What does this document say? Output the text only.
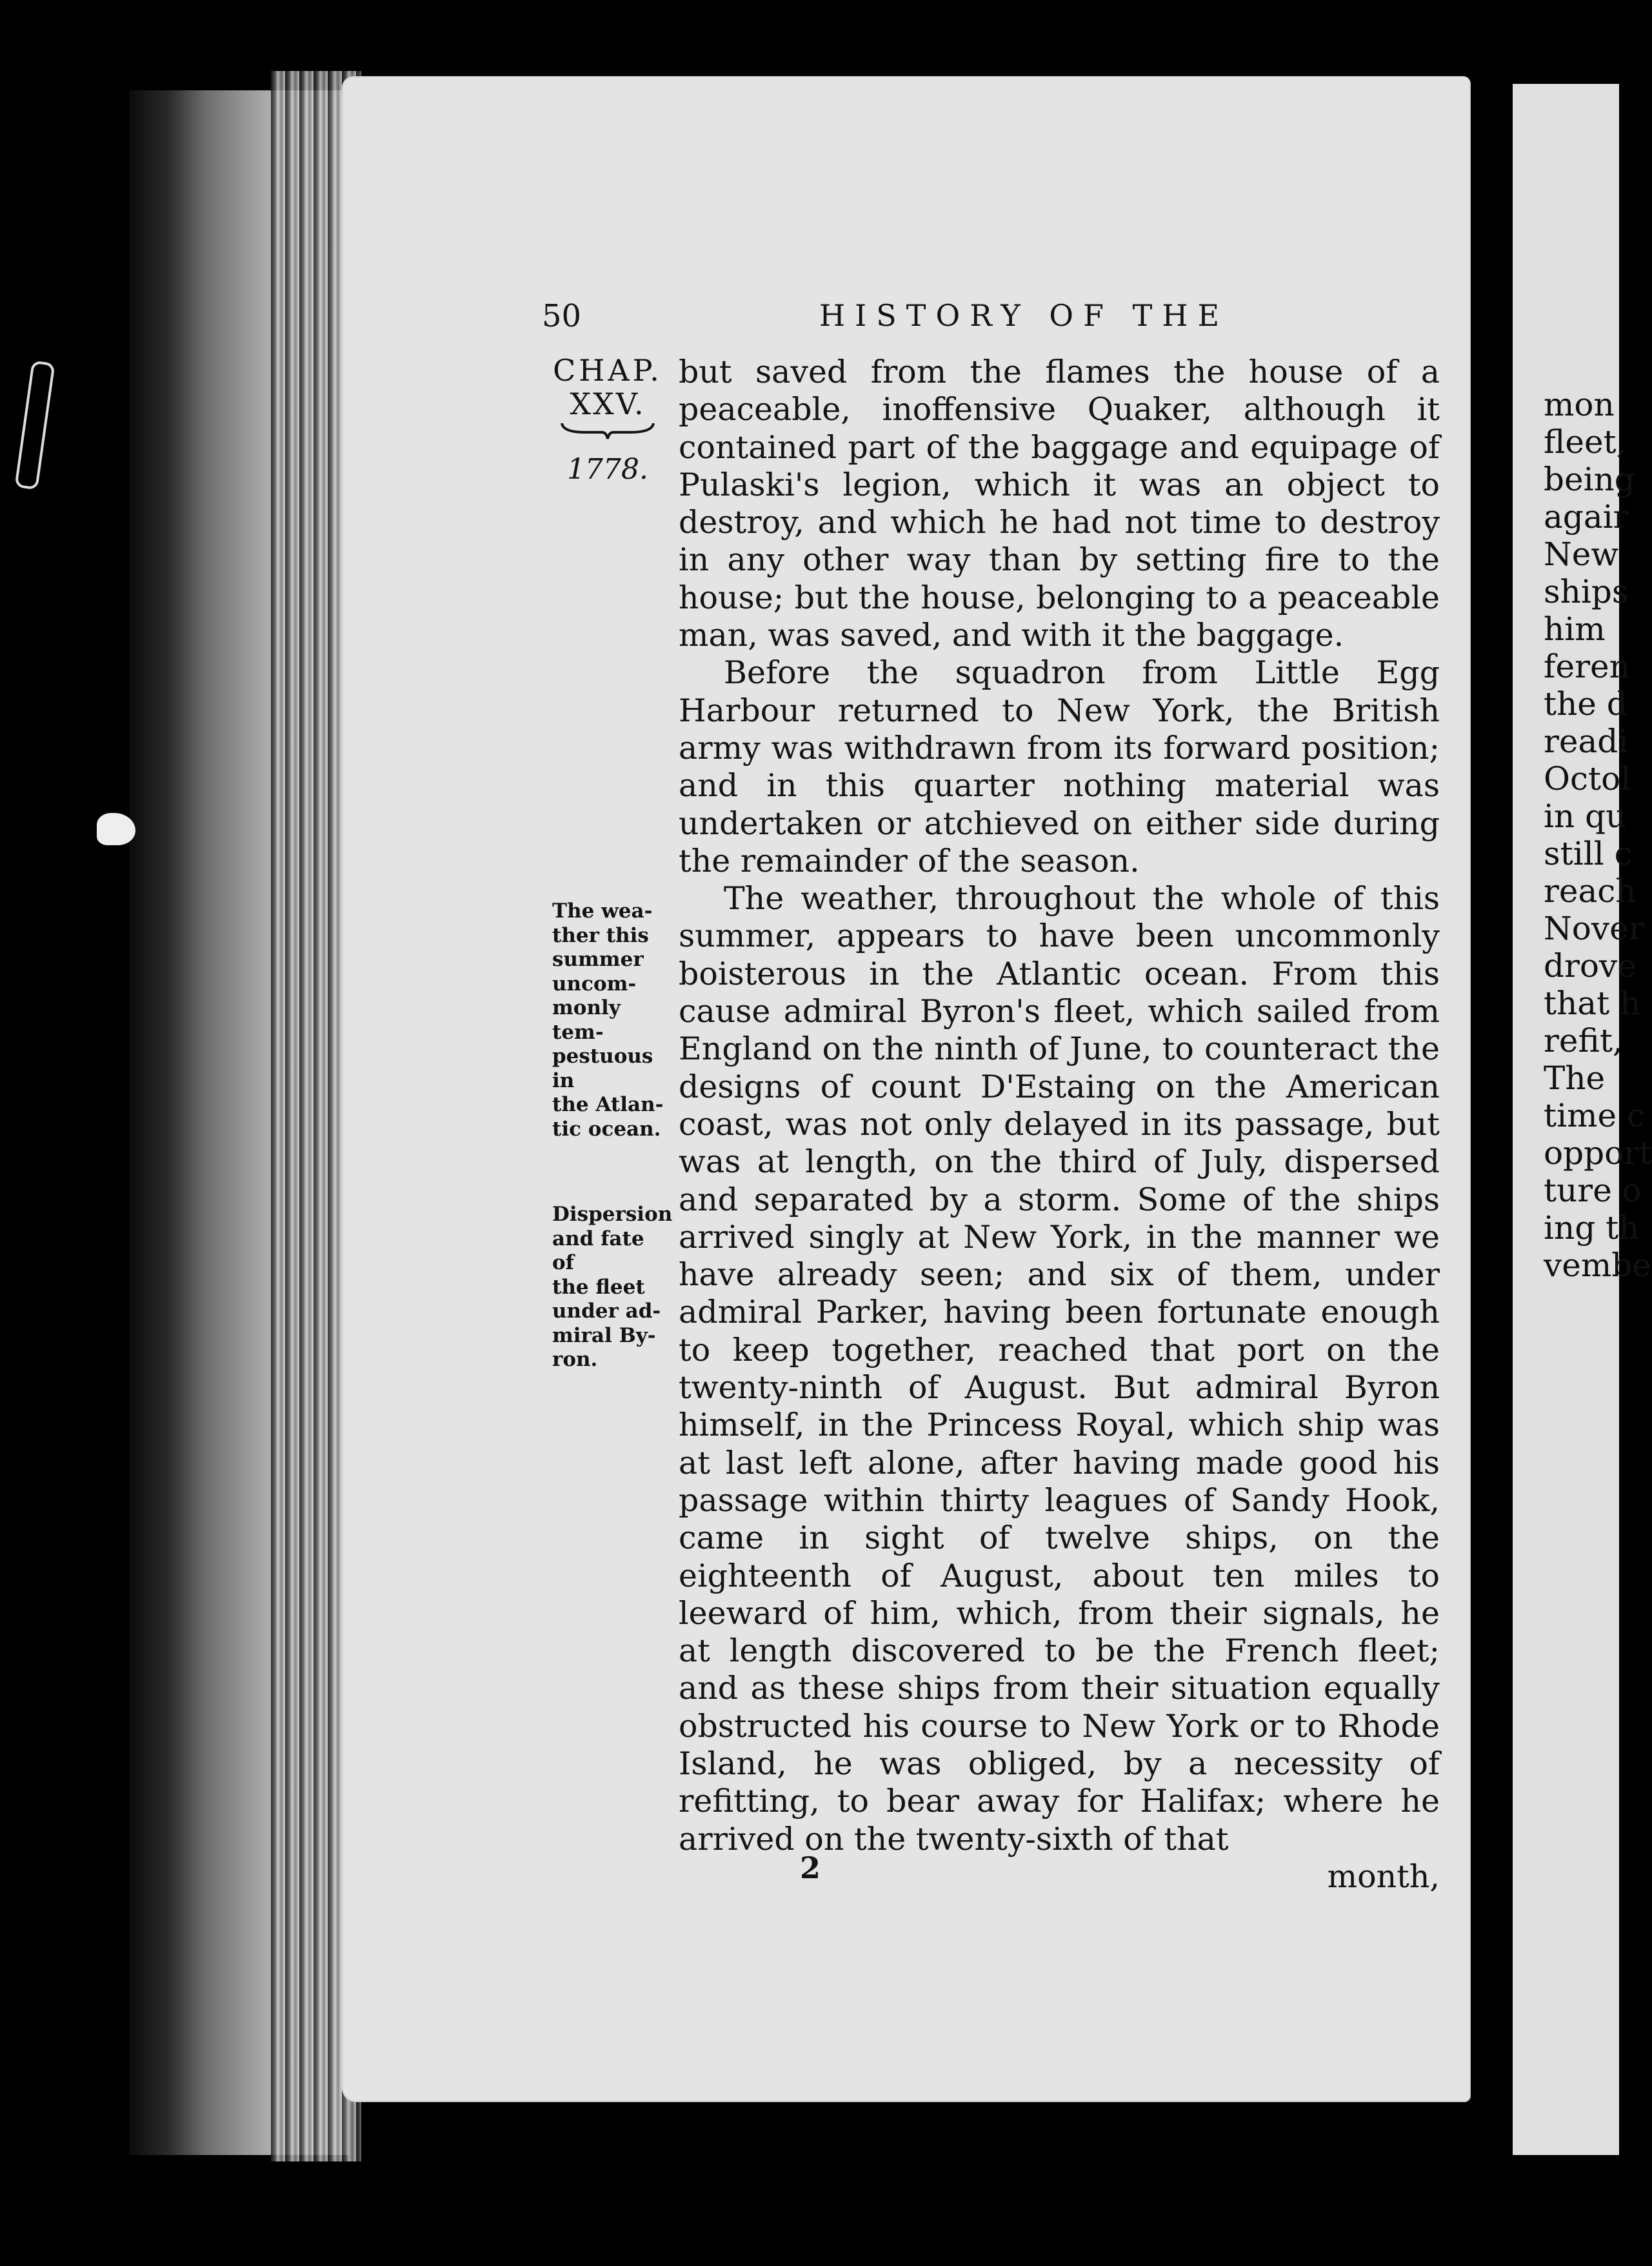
50	HISTORY OF THE
CHAP.
XXV.
1778.
The wea-
ther this
summer
uncom-
monly tem-
pestuous in
the Atlan-
tic ocean.
Dispersion
and fate of
the fleet
under ad-
miral By-
ron.

but saved from the flames the house of a peaceable, inoffensive Quaker, although it contained part of the baggage and equipage of Pulaski's legion, which it was an object to destroy, and which he had not time to destroy in any other way than by setting fire to the house; but the house, belonging to a peaceable man, was saved, and with it the baggage.

Before the squadron from Little Egg Harbour returned to New York, the British army was withdrawn from its forward position; and in this quarter nothing material was undertaken or atchieved on either side during the remainder of the season.

The weather, throughout the whole of this summer, appears to have been uncommonly boisterous in the Atlantic ocean. From this cause admiral Byron's fleet, which sailed from England on the ninth of June, to counteract the designs of count D'Estaing on the American coast, was not only delayed in its passage, but was at length, on the third of July, dispersed and separated by a storm. Some of the ships arrived singly at New York, in the manner we have already seen; and six of them, under admiral Parker, having been fortunate enough to keep together, reached that port on the twenty-ninth of August. But admiral Byron himself, in the Princess Royal, which ship was at last left alone, after having made good his passage within thirty leagues of Sandy Hook, came in sight of twelve ships, on the eighteenth of August, about ten miles to leeward of him, which, from their signals, he at length discovered to be the French fleet; and as these ships from their situation equally obstructed his course to New York or to Rhode Island, he was obliged, by a necessity of refitting, to bear away for Halifax; where he arrived on the twenty-sixth of that

month,

2
mon
fleet,
being
agair
New
ships
him
feren
the d
readi
Octol
in qu
still c
reach
Nover
drove
that h
refit,
The
time c
opport
ture o
ing th
vembe
